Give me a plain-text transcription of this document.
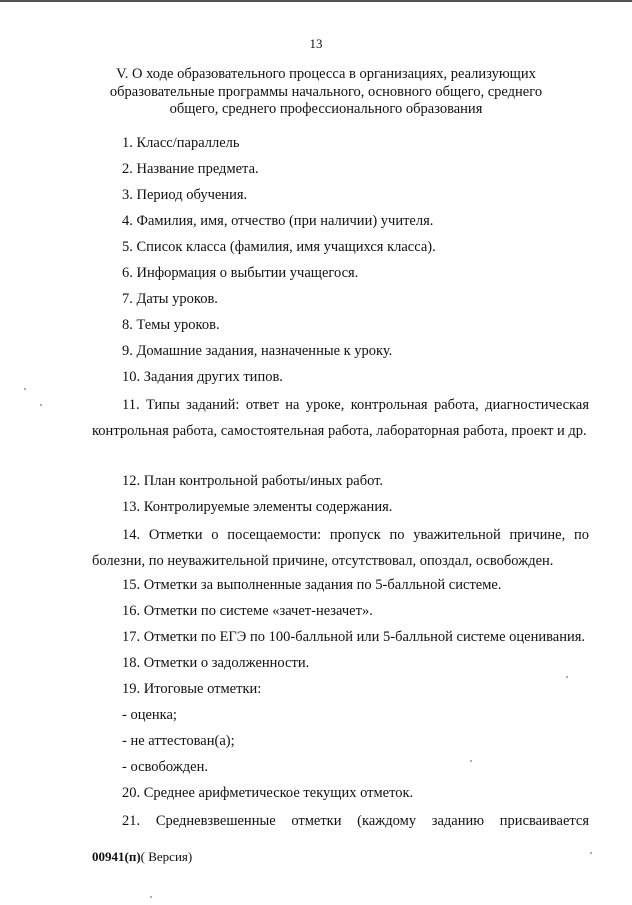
13
V. О ходе образовательного процесса в организациях, реализующих образовательные программы начального, основного общего, среднего общего, среднего профессионального образования
1. Класс/параллель
2. Название предмета.
3. Период обучения.
4. Фамилия, имя, отчество (при наличии) учителя.
5. Список класса (фамилия, имя учащихся класса).
6. Информация о выбытии учащегося.
7. Даты уроков.
8. Темы уроков.
9. Домашние задания, назначенные к уроку.
10. Задания других типов.
11. Типы заданий: ответ на уроке, контрольная работа, диагностическая контрольная работа, самостоятельная работа, лабораторная работа, проект и др.
12. План контрольной работы/иных работ.
13. Контролируемые элементы содержания.
14. Отметки о посещаемости: пропуск по уважительной причине, по болезни, по неуважительной причине, отсутствовал, опоздал, освобожден.
15. Отметки за выполненные задания по 5-балльной системе.
16. Отметки по системе «зачет-незачет».
17. Отметки по ЕГЭ по 100-балльной или 5-балльной системе оценивания.
18. Отметки о задолженности.
19. Итоговые отметки:
- оценка;
- не аттестован(а);
- освобожден.
20. Среднее арифметическое текущих отметок.
21. Средневзвешенные отметки (каждому заданию присваивается
00941(п)( Версия)
